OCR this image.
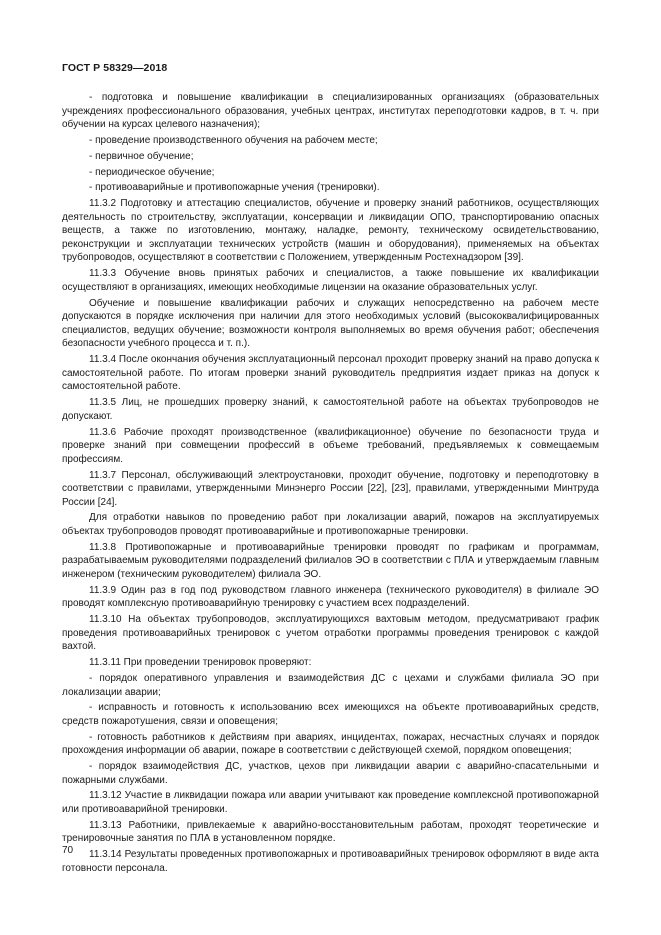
ГОСТ Р 58329—2018

- подготовка и повышение квалификации в специализированных организациях (образовательных учреждениях профессионального образования, учебных центрах, институтах переподготовки кадров, в т. ч. при обучении на курсах целевого назначения);

- проведение производственного обучения на рабочем месте;

- первичное обучение;

- периодическое обучение;

- противоаварийные и противопожарные учения (тренировки).

11.3.2 Подготовку и аттестацию специалистов, обучение и проверку знаний работников, осуществляющих деятельность по строительству, эксплуатации, консервации и ликвидации ОПО, транспортированию опасных веществ, а также по изготовлению, монтажу, наладке, ремонту, техническому освидетельствованию, реконструкции и эксплуатации технических устройств (машин и оборудования), применяемых на объектах трубопроводов, осуществляют в соответствии с Положением, утвержденным Ростехнадзором [39].

11.3.3 Обучение вновь принятых рабочих и специалистов, а также повышение их квалификации осуществляют в организациях, имеющих необходимые лицензии на оказание образовательных услуг.

Обучение и повышение квалификации рабочих и служащих непосредственно на рабочем месте допускаются в порядке исключения при наличии для этого необходимых условий (высококвалифицированных специалистов, ведущих обучение; возможности контроля выполняемых во время обучения работ; обеспечения безопасности учебного процесса и т. п.).

11.3.4 После окончания обучения эксплуатационный персонал проходит проверку знаний на право допуска к самостоятельной работе. По итогам проверки знаний руководитель предприятия издает приказ на допуск к самостоятельной работе.

11.3.5 Лиц, не прошедших проверку знаний, к самостоятельной работе на объектах трубопроводов не допускают.

11.3.6 Рабочие проходят производственное (квалификационное) обучение по безопасности труда и проверке знаний при совмещении профессий в объеме требований, предъявляемых к совмещаемым профессиям.

11.3.7 Персонал, обслуживающий электроустановки, проходит обучение, подготовку и переподготовку в соответствии с правилами, утвержденными Минэнерго России [22], [23], правилами, утвержденными Минтруда России [24].

Для отработки навыков по проведению работ при локализации аварий, пожаров на эксплуатируемых объектах трубопроводов проводят противоаварийные и противопожарные тренировки.

11.3.8 Противопожарные и противоаварийные тренировки проводят по графикам и программам, разрабатываемым руководителями подразделений филиалов ЭО в соответствии с ПЛА и утверждаемым главным инженером (техническим руководителем) филиала ЭО.

11.3.9 Один раз в год под руководством главного инженера (технического руководителя) в филиале ЭО проводят комплексную противоаварийную тренировку с участием всех подразделений.

11.3.10 На объектах трубопроводов, эксплуатирующихся вахтовым методом, предусматривают график проведения противоаварийных тренировок с учетом отработки программы проведения тренировок с каждой вахтой.

11.3.11 При проведении тренировок проверяют:

- порядок оперативного управления и взаимодействия ДС с цехами и службами филиала ЭО при локализации аварии;

- исправность и готовность к использованию всех имеющихся на объекте противоаварийных средств, средств пожаротушения, связи и оповещения;

- готовность работников к действиям при авариях, инцидентах, пожарах, несчастных случаях и порядок прохождения информации об аварии, пожаре в соответствии с действующей схемой, порядком оповещения;

- порядок взаимодействия ДС, участков, цехов при ликвидации аварии с аварийно-спасательными и пожарными службами.

11.3.12 Участие в ликвидации пожара или аварии учитывают как проведение комплексной противопожарной или противоаварийной тренировки.

11.3.13 Работники, привлекаемые к аварийно-восстановительным работам, проходят теоретические и тренировочные занятия по ПЛА в установленном порядке.

11.3.14 Результаты проведенных противопожарных и противоаварийных тренировок оформляют в виде акта готовности персонала.

70
